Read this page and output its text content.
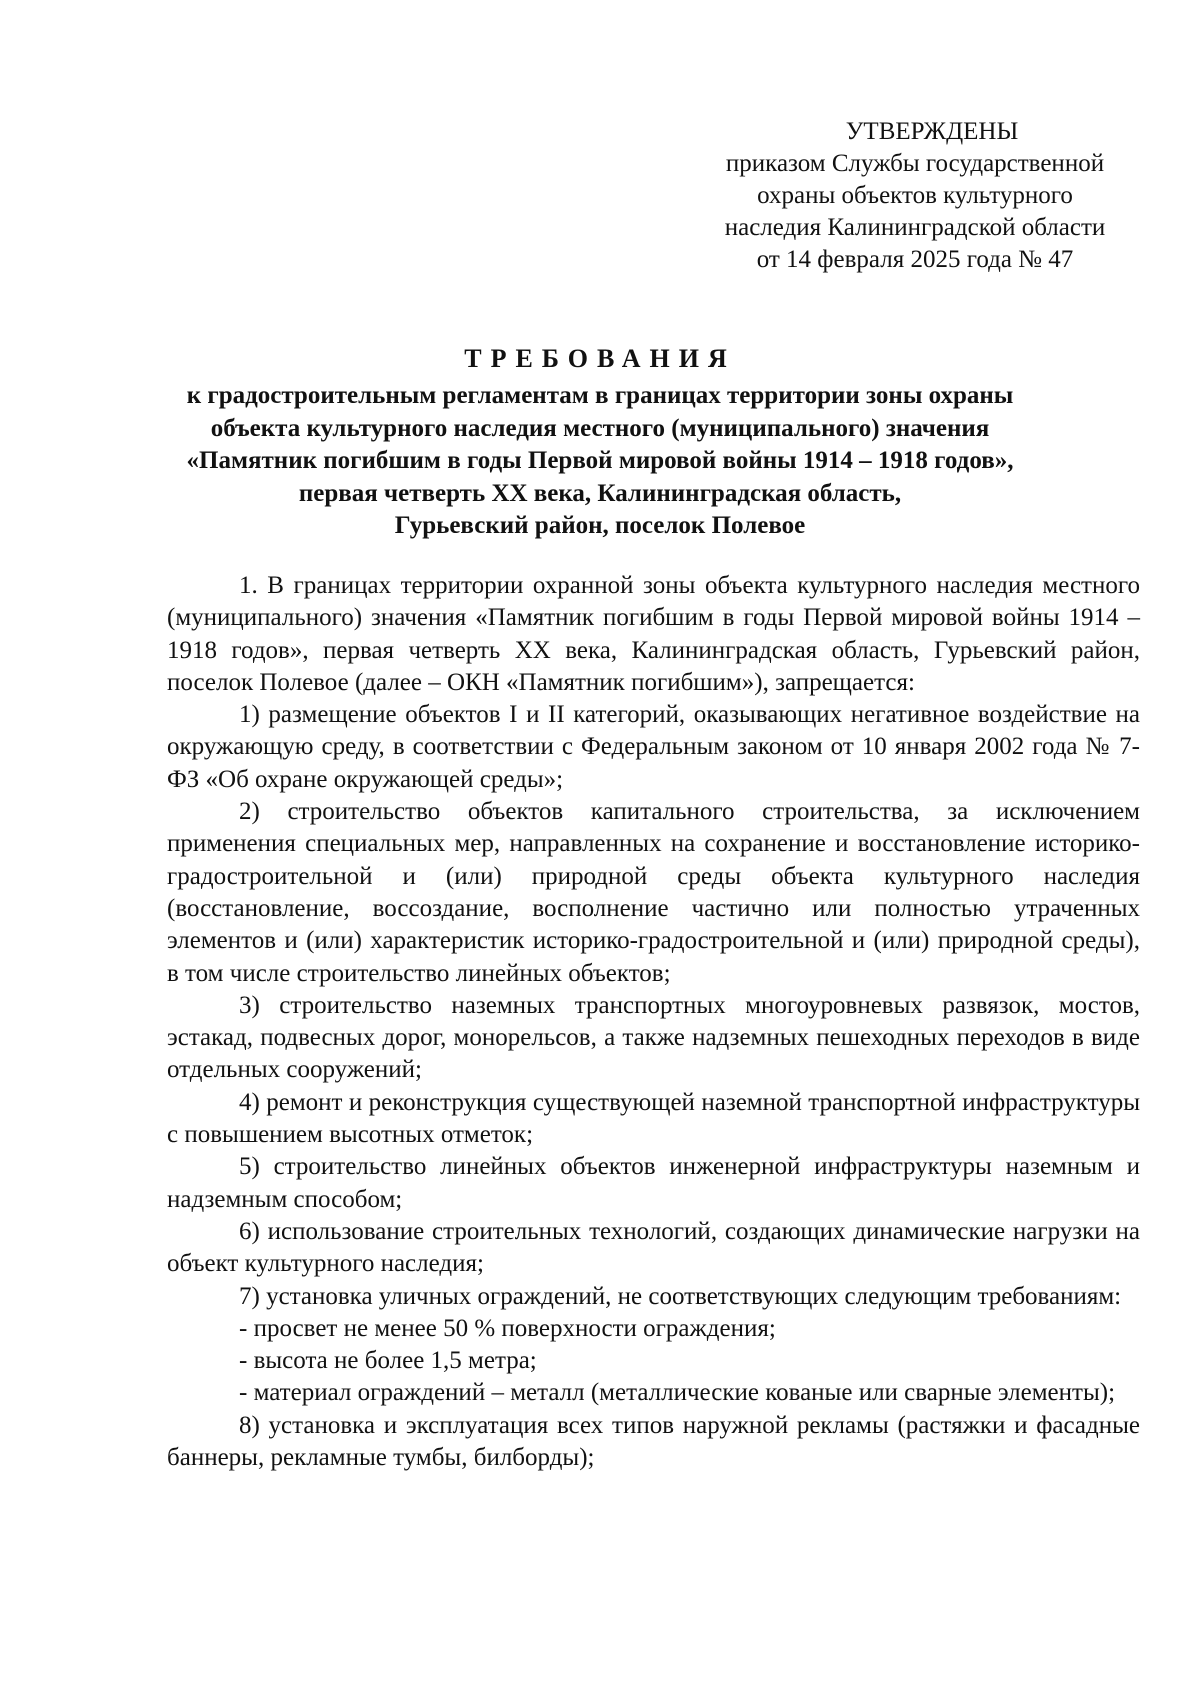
УТВЕРЖДЕНЫ
приказом Службы государственной
охраны объектов культурного
наследия Калининградской области
от 14 февраля 2025 года № 47
ТРЕБОВАНИЯ
к градостроительным регламентам в границах территории зоны охраны
объекта культурного наследия местного (муниципального) значения
«Памятник погибшим в годы Первой мировой войны 1914 – 1918 годов»,
первая четверть XX века, Калининградская область,
Гурьевский район, поселок Полевое

1. В границах территории охранной зоны объекта культурного наследия местного (муниципального) значения «Памятник погибшим в годы Первой мировой войны 1914 – 1918 годов», первая четверть XX века, Калининградская область, Гурьевский район, поселок Полевое (далее – ОКН «Памятник погибшим»), запрещается:

1) размещение объектов I и II категорий, оказывающих негативное воздействие на окружающую среду, в соответствии с Федеральным законом от 10 января 2002 года № 7-ФЗ «Об охране окружающей среды»;

2) строительство объектов капитального строительства, за исключением применения специальных мер, направленных на сохранение и восстановление историко-градостроительной и (или) природной среды объекта культурного наследия (восстановление, воссоздание, восполнение частично или полностью утраченных элементов и (или) характеристик историко-градостроительной и (или) природной среды), в том числе строительство линейных объектов;

3) строительство наземных транспортных многоуровневых развязок, мостов, эстакад, подвесных дорог, монорельсов, а также надземных пешеходных переходов в виде отдельных сооружений;

4) ремонт и реконструкция существующей наземной транспортной инфраструктуры с повышением высотных отметок;

5) строительство линейных объектов инженерной инфраструктуры наземным и надземным способом;

6) использование строительных технологий, создающих динамические нагрузки на объект культурного наследия;

7) установка уличных ограждений, не соответствующих следующим требованиям:

- просвет не менее 50 % поверхности ограждения;

- высота не более 1,5 метра;

- материал ограждений – металл (металлические кованые или сварные элементы);

8) установка и эксплуатация всех типов наружной рекламы (растяжки и фасадные баннеры, рекламные тумбы, билборды);
